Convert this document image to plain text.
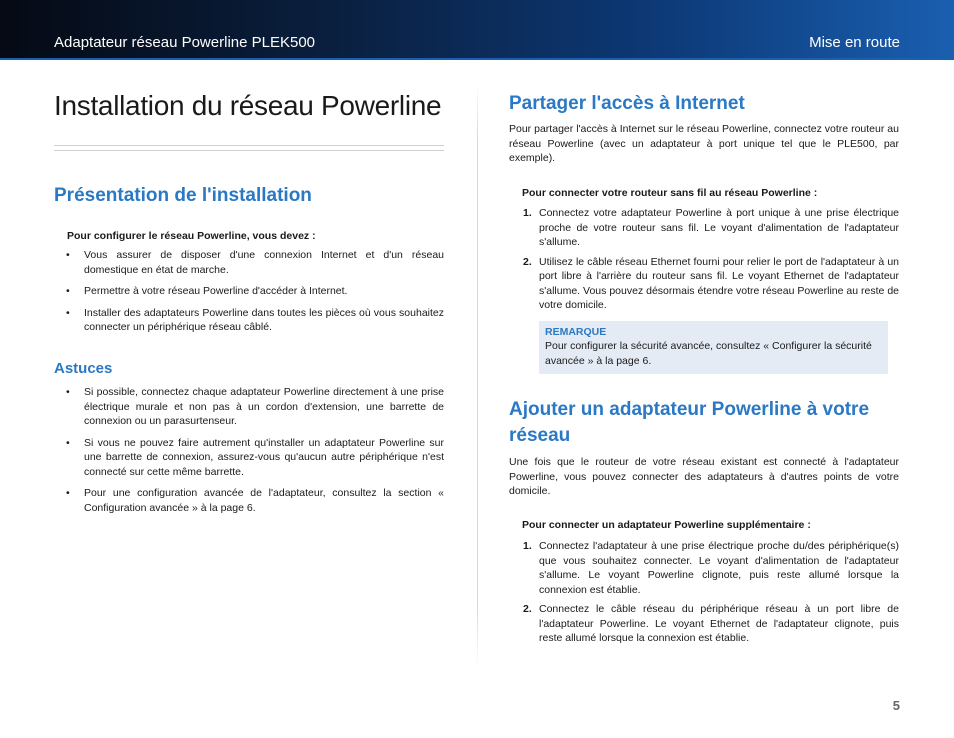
Adaptateur réseau Powerline PLEK500	Mise en route
Installation du réseau Powerline
Présentation de l'installation
Pour configurer le réseau Powerline, vous devez :
• Vous assurer de disposer d'une connexion Internet et d'un réseau domestique en état de marche.
• Permettre à votre réseau Powerline d'accéder à Internet.
• Installer des adaptateurs Powerline dans toutes les pièces où vous souhaitez connecter un périphérique réseau câblé.
Astuces
• Si possible, connectez chaque adaptateur Powerline directement à une prise électrique murale et non pas à un cordon d'extension, une barrette de connexion ou un parasurtenseur.
• Si vous ne pouvez faire autrement qu'installer un adaptateur Powerline sur une barrette de connexion, assurez-vous qu'aucun autre périphérique n'est connecté sur cette même barrette.
• Pour une configuration avancée de l'adaptateur, consultez la section « Configuration avancée » à la page 6.
Partager l'accès à Internet
Pour partager l'accès à Internet sur le réseau Powerline, connectez votre routeur au réseau Powerline (avec un adaptateur à port unique tel que le PLE500, par exemple).
Pour connecter votre routeur sans fil au réseau Powerline :
1. Connectez votre adaptateur Powerline à port unique à une prise électrique proche de votre routeur sans fil. Le voyant d'alimentation de l'adaptateur s'allume.
2. Utilisez le câble réseau Ethernet fourni pour relier le port de l'adaptateur à un port libre à l'arrière du routeur sans fil. Le voyant Ethernet de l'adaptateur s'allume. Vous pouvez désormais étendre votre réseau Powerline au reste de votre domicile.
REMARQUE
Pour configurer la sécurité avancée, consultez « Configurer la sécurité avancée » à la page 6.
Ajouter un adaptateur Powerline à votre réseau
Une fois que le routeur de votre réseau existant est connecté à l'adaptateur Powerline, vous pouvez connecter des adaptateurs à d'autres points de votre domicile.
Pour connecter un adaptateur Powerline supplémentaire :
1. Connectez l'adaptateur à une prise électrique proche du/des périphérique(s) que vous souhaitez connecter. Le voyant d'alimentation de l'adaptateur s'allume. Le voyant Powerline clignote, puis reste allumé lorsque la connexion est établie.
2. Connectez le câble réseau du périphérique réseau à un port libre de l'adaptateur Powerline. Le voyant Ethernet de l'adaptateur clignote, puis reste allumé lorsque la connexion est établie.
5
